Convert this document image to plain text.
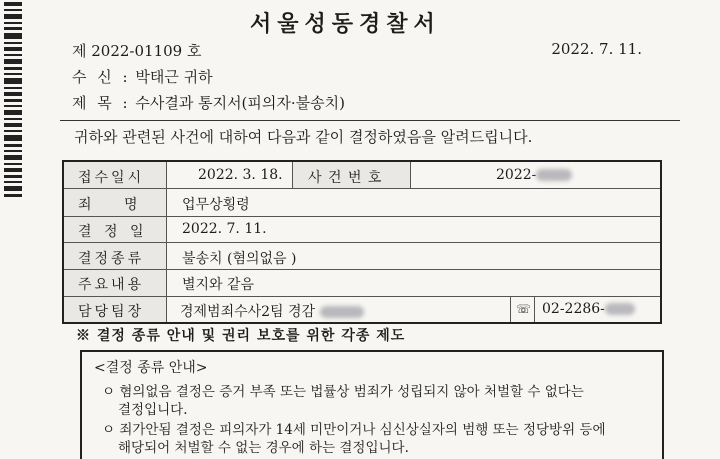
서울성동경찰서
제 2022-01109 호	2022. 7. 11.
수 신 : 박태근 귀하
제 목 : 수사결과 통지서(피의자·불송치)
귀하와 관련된 사건에 대하여 다음과 같이 결정하였음을 알려드립니다.
접수일시	2022. 3. 18. 사 건 번 호	2022-
죄 명 업무상횡령
결 정 일 2022. 7. 11.
결정종류	불송치 (혐의없음 )
주요내용	별지와 같음
담당팀장	경제범죄수사2팀 경감	☏ 02-2286-
※ 결정 종류 안내 및 권리 보호를 위한 각종 제도
<결정 종류 안내>
ㅇ 혐의없음 결정은 증거 부족 또는 법률상 범죄가 성립되지 않아 처벌할 수 없다는
결정입니다.
ㅇ 죄가안됨 결정은 피의자가 14세 미만이거나 심신상실자의 범행 또는 정당방위 등에
해당되어 처벌할 수 없는 경우에 하는 결정입니다.
